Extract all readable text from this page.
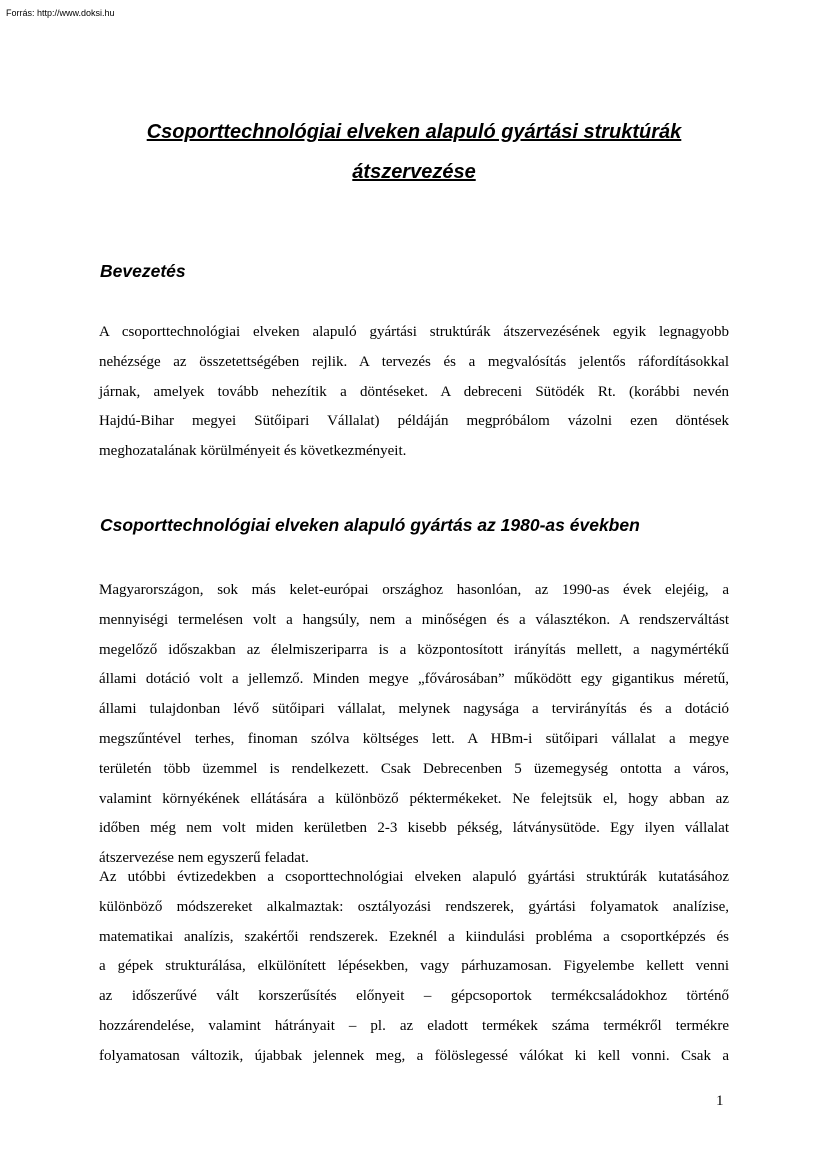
Forrás: http://www.doksi.hu
Csoporttechnológiai elveken alapuló gyártási struktúrák
átszervezése
Bevezetés

A csoporttechnológiai elveken alapuló gyártási struktúrák átszervezésének egyik legnagyobb
nehézsége az összetettségében rejlik. A tervezés és a megvalósítás jelentős ráfordításokkal
járnak, amelyek tovább nehezítik a döntéseket. A debreceni Sütödék Rt. (korábbi nevén
Hajdú-Bihar megyei Sütőipari Vállalat) példáján megpróbálom vázolni ezen döntések
meghozatalának körülményeit és következményeit.

Csoporttechnológiai elveken alapuló gyártás az 1980-as években

Magyarországon, sok más kelet-európai országhoz hasonlóan, az 1990-as évek elejéig, a
mennyiségi termelésen volt a hangsúly, nem a minőségen és a választékon. A rendszerváltást
megelőző időszakban az élelmiszeriparra is a központosított irányítás mellett, a nagymértékű
állami dotáció volt a jellemző. Minden megye „fővárosában” működött egy gigantikus méretű,
állami tulajdonban lévő sütőipari vállalat, melynek nagysága a tervirányítás és a dotáció
megszűntével terhes, finoman szólva költséges lett. A HBm-i sütőipari vállalat a megye
területén több üzemmel is rendelkezett. Csak Debrecenben 5 üzemegység ontotta a város,
valamint környékének ellátására a különböző péktermékeket. Ne felejtsük el, hogy abban az
időben még nem volt miden kerületben 2-3 kisebb pékség, látványsütöde. Egy ilyen vállalat
átszervezése nem egyszerű feladat.

Az utóbbi évtizedekben a csoporttechnológiai elveken alapuló gyártási struktúrák kutatásához
különböző módszereket alkalmaztak: osztályozási rendszerek, gyártási folyamatok analízise,
matematikai analízis, szakértői rendszerek. Ezeknél a kiindulási probléma a csoportképzés és
a gépek strukturálása, elkülönített lépésekben, vagy párhuzamosan. Figyelembe kellett venni
az időszerűvé vált korszerűsítés előnyeit – gépcsoportok termékcsaládokhoz történő
hozzárendelése, valamint hátrányait – pl. az eladott termékek száma termékről termékre
folyamatosan változik, újabbak jelennek meg, a fölöslegessé válókat ki kell vonni. Csak a

1
